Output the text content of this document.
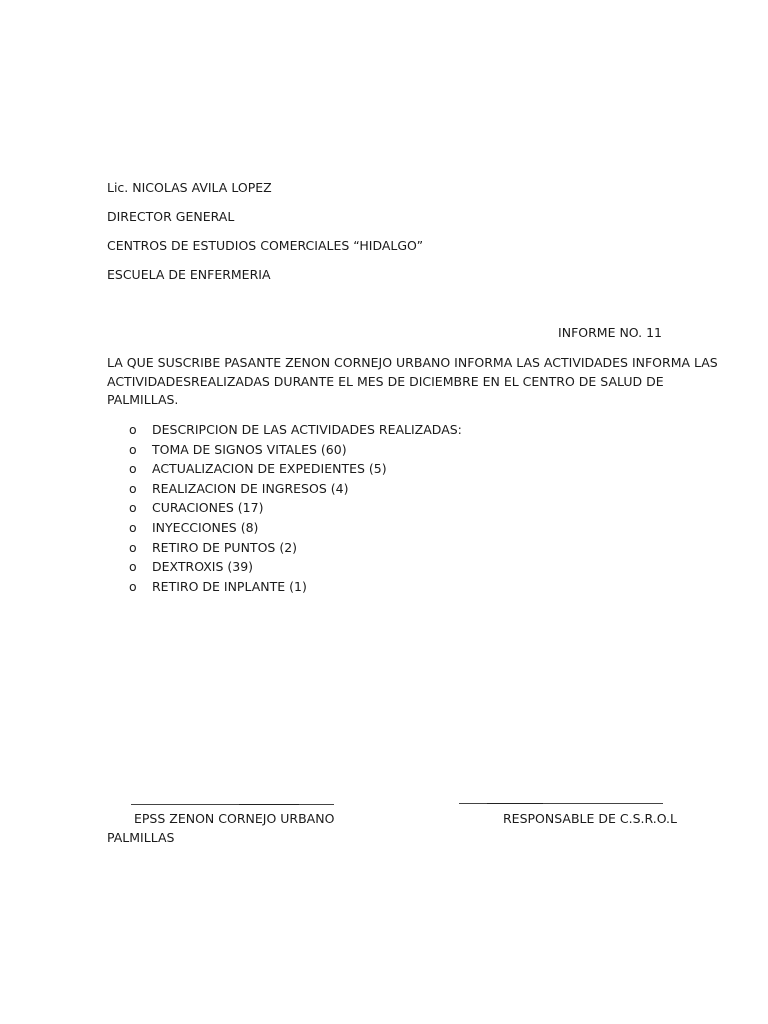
Lic. NICOLAS AVILA LOPEZ
DIRECTOR GENERAL
CENTROS DE ESTUDIOS COMERCIALES “HIDALGO”
ESCUELA DE ENFERMERIA
INFORME NO. 11
LA QUE SUSCRIBE PASANTE ZENON CORNEJO URBANO INFORMA LAS ACTIVIDADES INFORMA LAS
ACTIVIDADESREALIZADAS DURANTE EL MES DE DICIEMBRE EN EL CENTRO DE SALUD DE
PALMILLAS.
o DESCRIPCION DE LAS ACTIVIDADES REALIZADAS:
o TOMA DE SIGNOS VITALES (60)
o ACTUALIZACION DE EXPEDIENTES (5)
o REALIZACION DE INGRESOS (4)
o CURACIONES (17)
o INYECCIONES (8)
o RETIRO DE PUNTOS (2)
o DEXTROXIS (39)
o RETIRO DE INPLANTE (1)
EPSS ZENON CORNEJO URBANO	RESPONSABLE DE C.S.R.O.L
PALMILLAS
